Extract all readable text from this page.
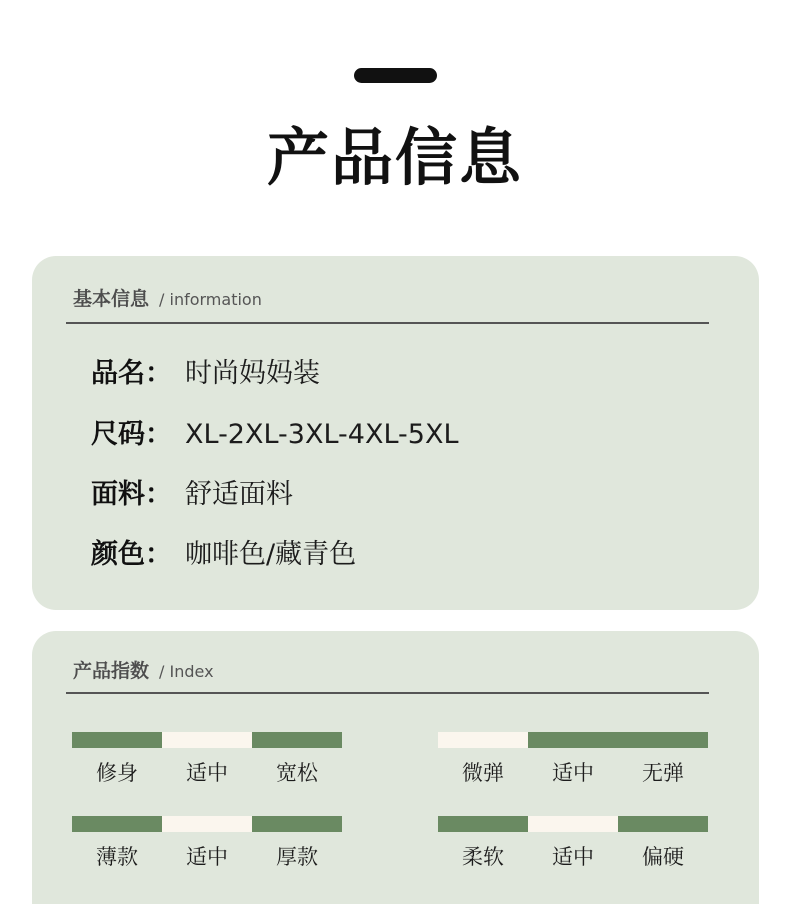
产品信息
基本信息 / information
品名： 时尚妈妈装
尺码： XL-2XL-3XL-4XL-5XL
面料： 舒适面料
颜色： 咖啡色/藏青色
产品指数 / Index
修身	适中	宽松	微弹	适中	无弹
薄款	适中	厚款	柔软	适中	偏硬
